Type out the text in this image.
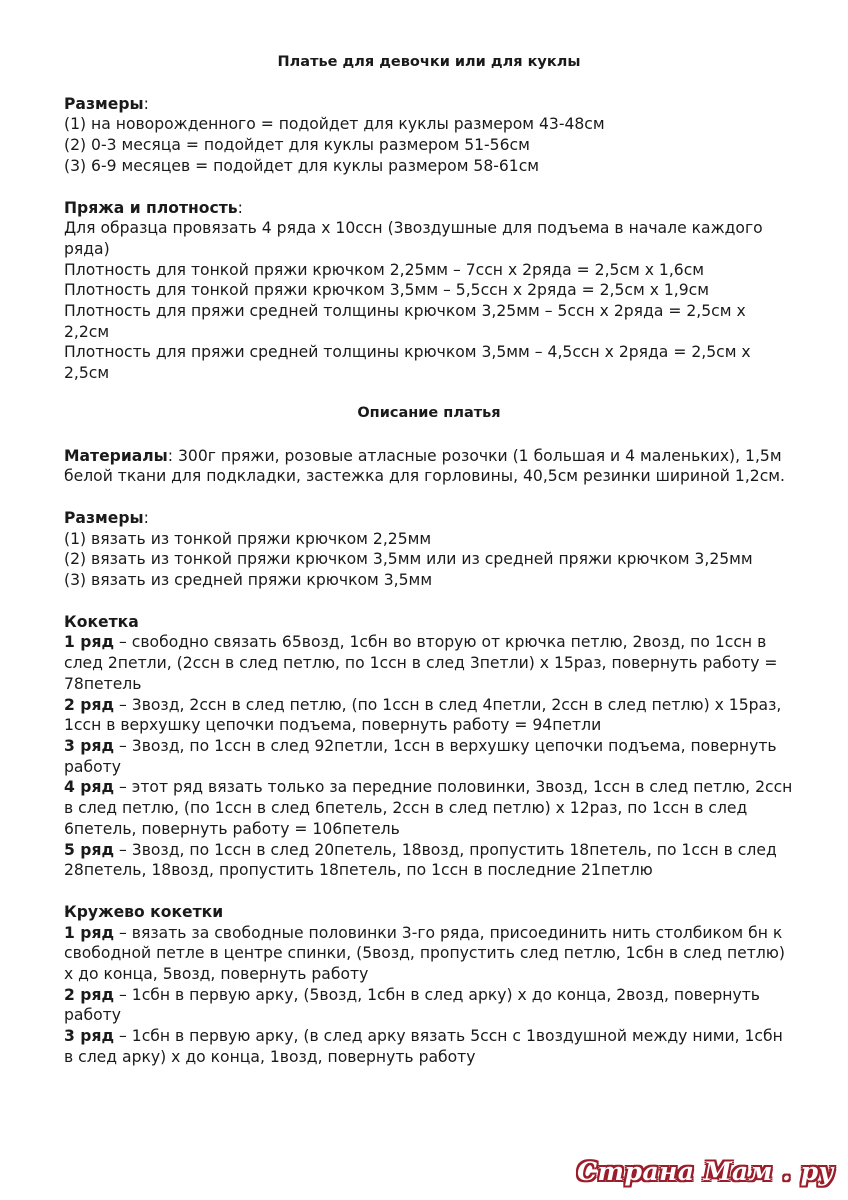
Платье для девочки или для куклы
Размеры:
(1) на новорожденного = подойдет для куклы размером 43-48см
(2) 0-3 месяца = подойдет для куклы размером 51-56см
(3) 6-9 месяцев = подойдет для куклы размером 58-61см
Пряжа и плотность:
Для образца провязать 4 ряда х 10ссн (3воздушные для подъема в начале каждого ряда)
Плотность для тонкой пряжи крючком 2,25мм – 7ссн х 2ряда = 2,5см х 1,6см
Плотность для тонкой пряжи крючком 3,5мм – 5,5ссн х 2ряда = 2,5см х 1,9см
Плотность для пряжи средней толщины крючком 3,25мм – 5ссн х 2ряда = 2,5см х 2,2см
Плотность для пряжи средней толщины крючком 3,5мм – 4,5ссн х 2ряда = 2,5см х 2,5см
Описание платья
Материалы: 300г пряжи, розовые атласные розочки (1 большая и 4 маленьких), 1,5м белой ткани для подкладки, застежка для горловины, 40,5см резинки шириной 1,2см.
Размеры:
(1) вязать из тонкой пряжи крючком 2,25мм
(2) вязать из тонкой пряжи крючком 3,5мм или из средней пряжи крючком 3,25мм
(3) вязать из средней пряжи крючком 3,5мм
Кокетка
1 ряд – свободно связать 65возд, 1сбн во вторую от крючка петлю, 2возд, по 1ссн в след 2петли, (2ссн в след петлю, по 1ссн в след 3петли) х 15раз, повернуть работу = 78петель
2 ряд – 3возд, 2ссн в след петлю, (по 1ссн в след 4петли, 2ссн в след петлю) х 15раз, 1ссн в верхушку цепочки подъема, повернуть работу = 94петли
3 ряд – 3возд, по 1ссн в след 92петли, 1ссн в верхушку цепочки подъема, повернуть работу
4 ряд – этот ряд вязать только за передние половинки, 3возд, 1ссн в след петлю, 2ссн в след петлю, (по 1ссн в след 6петель, 2ссн в след петлю) х 12раз, по 1ссн в след 6петель, повернуть работу = 106петель
5 ряд – 3возд, по 1ссн в след 20петель, 18возд, пропустить 18петель, по 1ссн в след 28петель, 18возд, пропустить 18петель, по 1ссн в последние 21петлю
Кружево кокетки
1 ряд – вязать за свободные половинки 3-го ряда, присоединить нить столбиком бн к свободной петле в центре спинки, (5возд, пропустить след петлю, 1сбн в след петлю) х до конца, 5возд, повернуть работу
2 ряд – 1сбн в первую арку, (5возд, 1сбн в след арку) х до конца, 2возд, повернуть работу
3 ряд – 1сбн в первую арку, (в след арку вязать 5ссн с 1воздушной между ними, 1сбн в след арку) х до конца, 1возд, повернуть работу
Страна Мам . ру
